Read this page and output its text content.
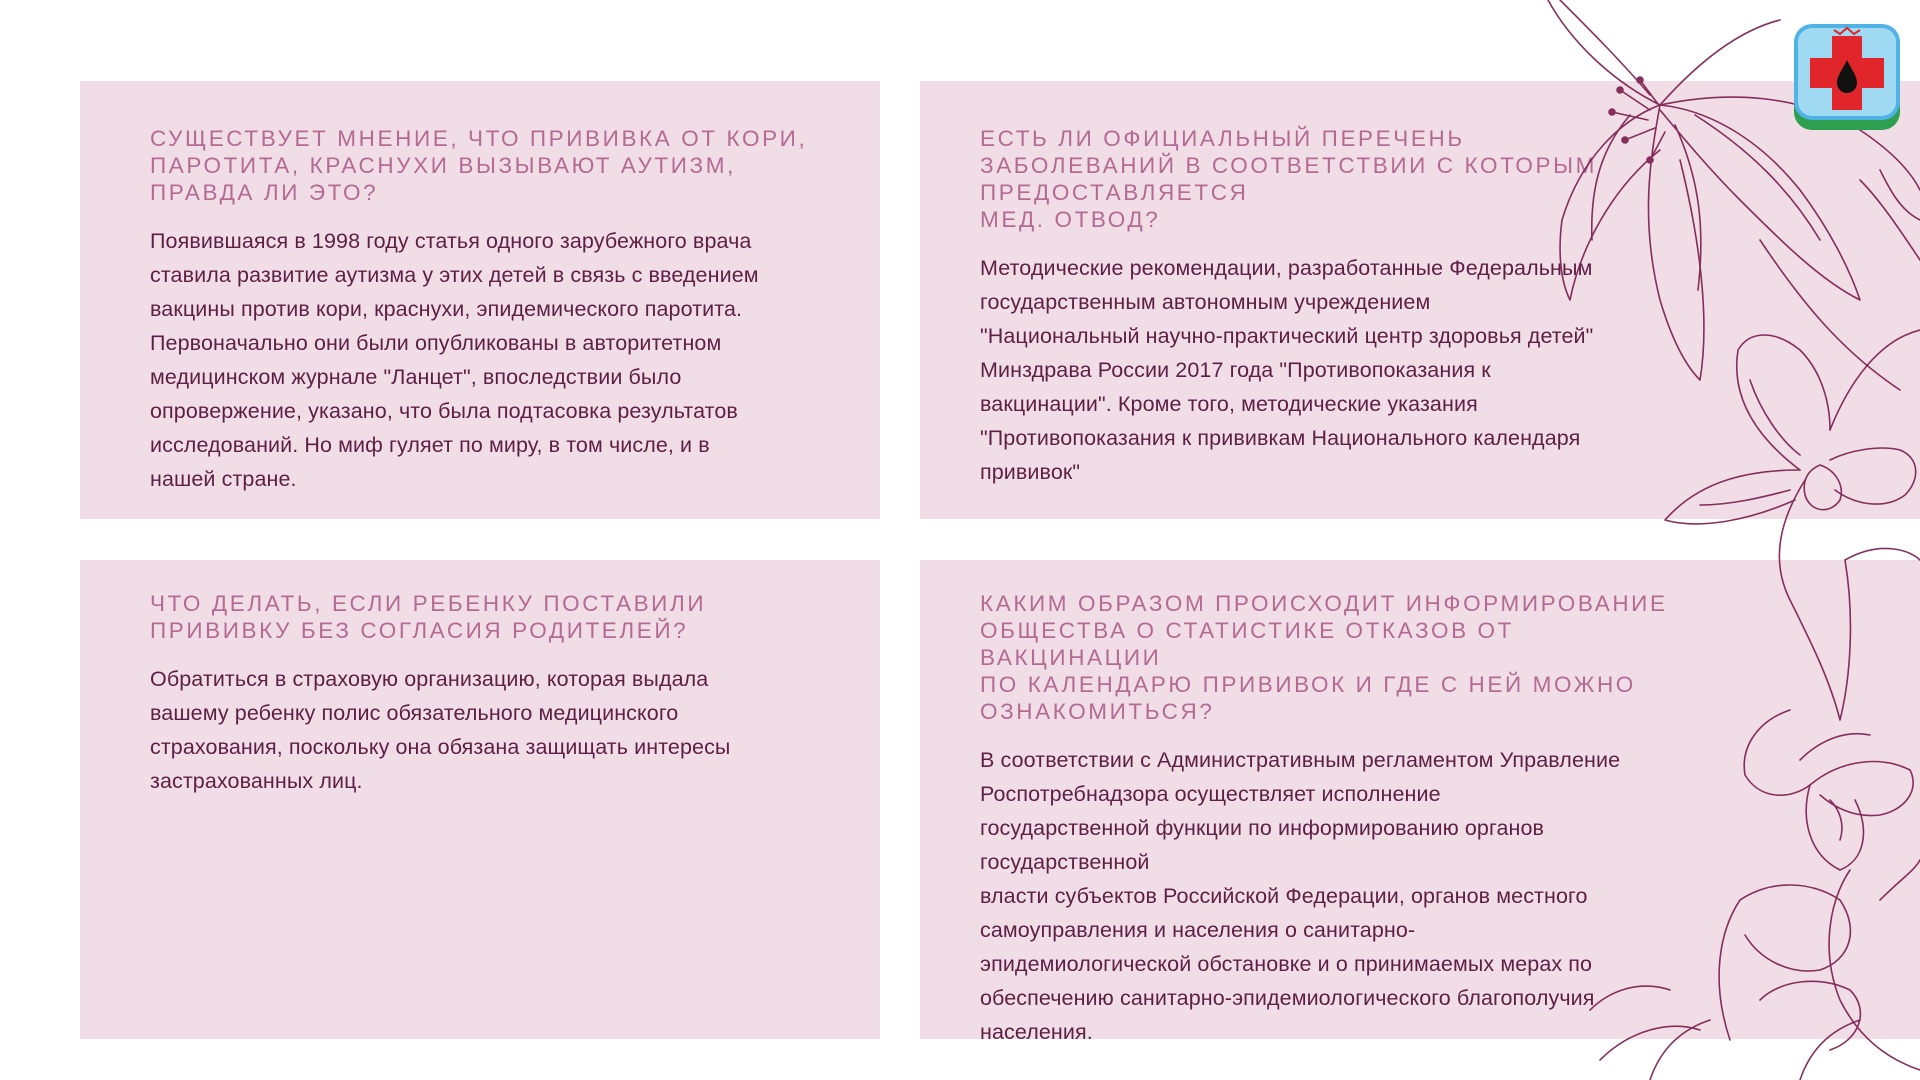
СУЩЕСТВУЕТ МНЕНИЕ, ЧТО ПРИВИВКА ОТ КОРИ,
ПАРОТИТА, КРАСНУХИ ВЫЗЫВАЮТ АУТИЗМ,
ПРАВДА ЛИ ЭТО?
Появившаяся в 1998 году статья одного зарубежного врача
ставила развитие аутизма у этих детей в связь с введением
вакцины против кори, краснухи, эпидемического паротита.
Первоначально они были опубликованы в авторитетном
медицинском журнале "Ланцет", впоследствии было
опровержение, указано, что была подтасовка результатов
исследований. Но миф гуляет по миру, в том числе, и в
нашей стране.
ЕСТЬ ЛИ ОФИЦИАЛЬНЫЙ ПЕРЕЧЕНЬ
ЗАБОЛЕВАНИЙ В СООТВЕТСТВИИ С КОТОРЫМ
ПРЕДОСТАВЛЯЕТСЯ
МЕД. ОТВОД?
Методические рекомендации, разработанные Федеральным
государственным автономным учреждением
"Национальный научно-практический центр здоровья детей"
Минздрава России 2017 года "Противопоказания к
вакцинации". Кроме того, методические указания
"Противопоказания к прививкам Национального календаря
прививок"
ЧТО ДЕЛАТЬ, ЕСЛИ РЕБЕНКУ ПОСТАВИЛИ
ПРИВИВКУ БЕЗ СОГЛАСИЯ РОДИТЕЛЕЙ?
Обратиться в страховую организацию, которая выдала
вашему ребенку полис обязательного медицинского
страхования, поскольку она обязана защищать интересы
застрахованных лиц.
КАКИМ ОБРАЗОМ ПРОИСХОДИТ ИНФОРМИРОВАНИЕ
ОБЩЕСТВА О СТАТИСТИКЕ ОТКАЗОВ ОТ
ВАКЦИНАЦИИ
ПО КАЛЕНДАРЮ ПРИВИВОК И ГДЕ С НЕЙ МОЖНО
ОЗНАКОМИТЬСЯ?
В соответствии с Административным регламентом Управление
Роспотребнадзора осуществляет исполнение
государственной функции по информированию органов
государственной
власти субъектов Российской Федерации, органов местного
самоуправления и населения о санитарно-
эпидемиологической обстановке и о принимаемых мерах по
обеспечению санитарно-эпидемиологического благополучия
населения.
